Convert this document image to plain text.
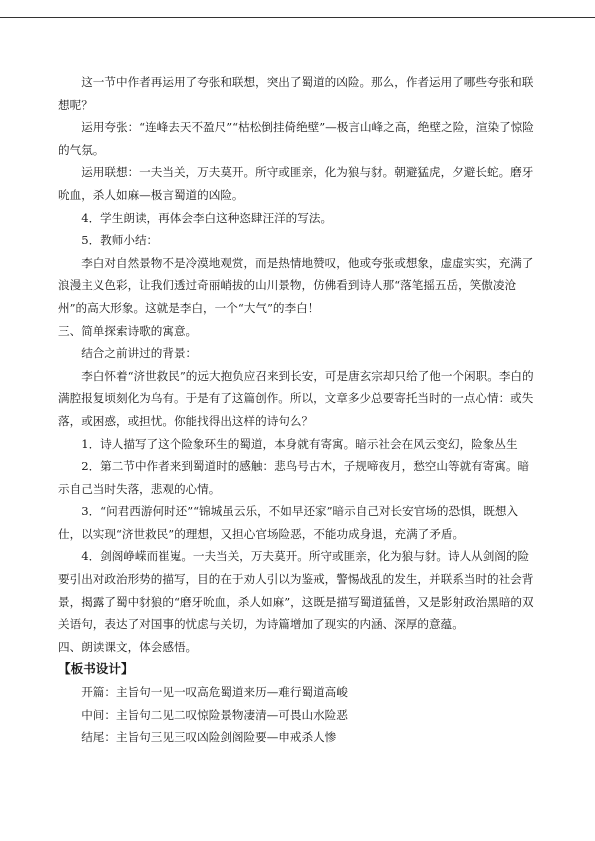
这一节中作者再运用了夸张和联想，突出了蜀道的凶险。那么，作者运用了哪些夸张和联想呢？

运用夸张：“连峰去天不盈尺”“枯松倒挂倚绝壁”—极言山峰之高，绝壁之险，渲染了惊险的气氛。

运用联想：一夫当关，万夫莫开。所守或匪亲，化为狼与豺。朝避猛虎，夕避长蛇。磨牙吮血，杀人如麻—极言蜀道的凶险。

4．学生朗读，再体会李白这种恣肆汪洋的写法。

5．教师小结：

李白对自然景物不是冷漠地观赏，而是热情地赞叹，他或夸张或想象，虚虚实实，充满了浪漫主义色彩，让我们透过奇丽峭拔的山川景物，仿佛看到诗人那“落笔摇五岳，笑傲凌沧州”的高大形象。这就是李白，一个“大气”的李白！

三、简单探索诗歌的寓意。

结合之前讲过的背景：

李白怀着“济世救民”的远大抱负应召来到长安，可是唐玄宗却只给了他一个闲职。李白的满腔报复顷刻化为乌有。于是有了这篇创作。所以，文章多少总要寄托当时的一点心情：或失落，或困惑，或担忧。你能找得出这样的诗句么？

1．诗人描写了这个险象环生的蜀道，本身就有寄寓。暗示社会在风云变幻，险象丛生

2．第二节中作者来到蜀道时的感触：悲鸟号古木，子规啼夜月，愁空山等就有寄寓。暗示自己当时失落，悲观的心情。

3．“问君西游何时还”“锦城虽云乐，不如早还家”暗示自己对长安官场的恐惧，既想入仕，以实现“济世救民”的理想，又担心官场险恶，不能功成身退，充满了矛盾。

4．剑阁峥嵘而崔嵬。一夫当关，万夫莫开。所守或匪亲，化为狼与豺。诗人从剑阁的险要引出对政治形势的描写，目的在于劝人引以为鉴戒，警惕战乱的发生，并联系当时的社会背景，揭露了蜀中豺狼的“磨牙吮血，杀人如麻”，这既是描写蜀道猛兽，又是影射政治黑暗的双关语句，表达了对国事的忧虑与关切，为诗篇增加了现实的内涵、深厚的意蕴。

四、朗读课文，体会感悟。

【板书设计】

开篇：主旨句一见一叹高危蜀道来历—难行蜀道高峻

中间：主旨句二见二叹惊险景物凄清—可畏山水险恶

结尾：主旨句三见三叹凶险剑阁险要—申戒杀人惨
